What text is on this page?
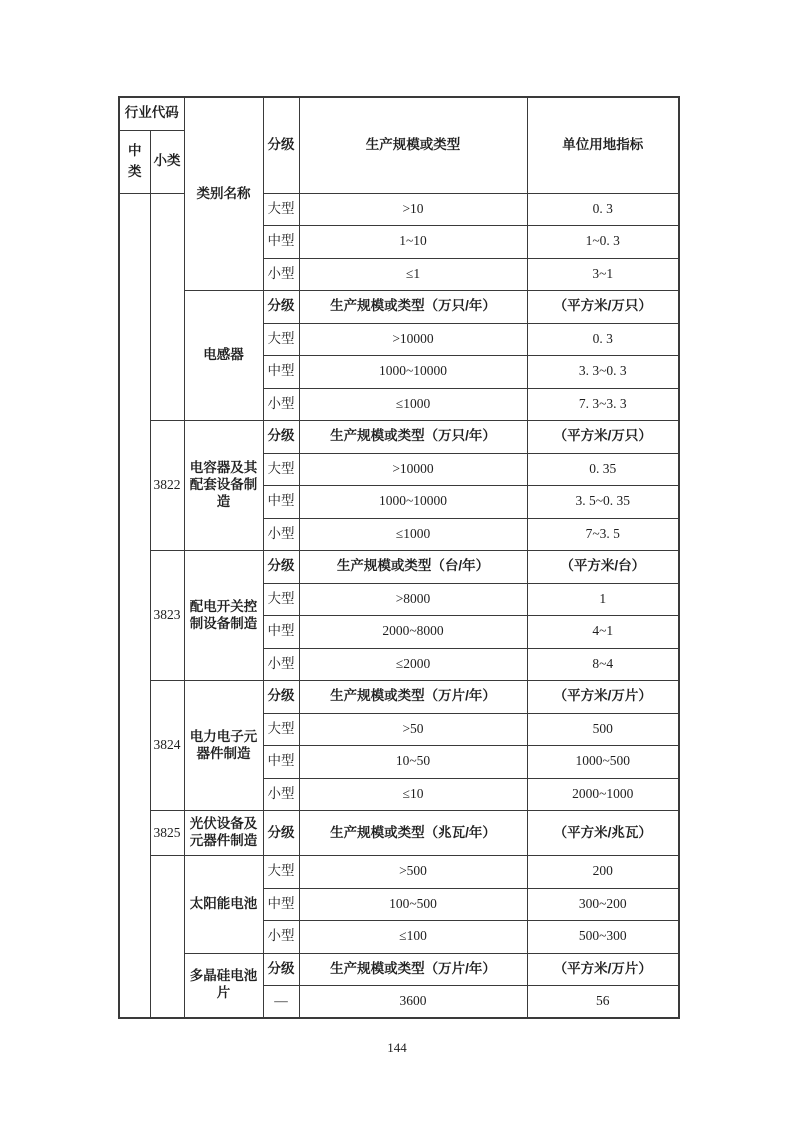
行业代码		类别名称	分级	生产规模或类型	单位用地指标

中类	小类				
			大型	>10	0. 3
			中型	1~10	1~0. 3
			小型	≤1	3~1

		电感器	分级	生产规模或类型（万只/年）	（平方米/万只）
			大型	>10000	0. 3
			中型	1000~10000	3. 3~0. 3
			小型	≤1000	7. 3~3. 3
	3822	电容器及其配套设备制造	分级	生产规模或类型（万只/年）	（平方米/万只）
			大型	>10000	0. 35
			中型	1000~10000	3. 5~0. 35
			小型	≤1000	7~3. 5
	3823	配电开关控制设备制造	分级	生产规模或类型（台/年）	（平方米/台）
			大型	>8000	1
			中型	2000~8000	4~1
			小型	≤2000	8~4
	3824	电力电子元器件制造	分级	生产规模或类型（万片/年）	（平方米/万片）
			大型	>50	500
			中型	10~50	1000~500
			小型	≤10	2000~1000
	3825	光伏设备及元器件制造	分级	生产规模或类型（兆瓦/年）	（平方米/兆瓦）

		太阳能电池	大型	>500	200
			中型	100~500	300~200
			小型	≤100	500~300

		多晶硅电池片	分级	生产规模或类型（万片/年）	（平方米/万片）
			—	3600	56
144
